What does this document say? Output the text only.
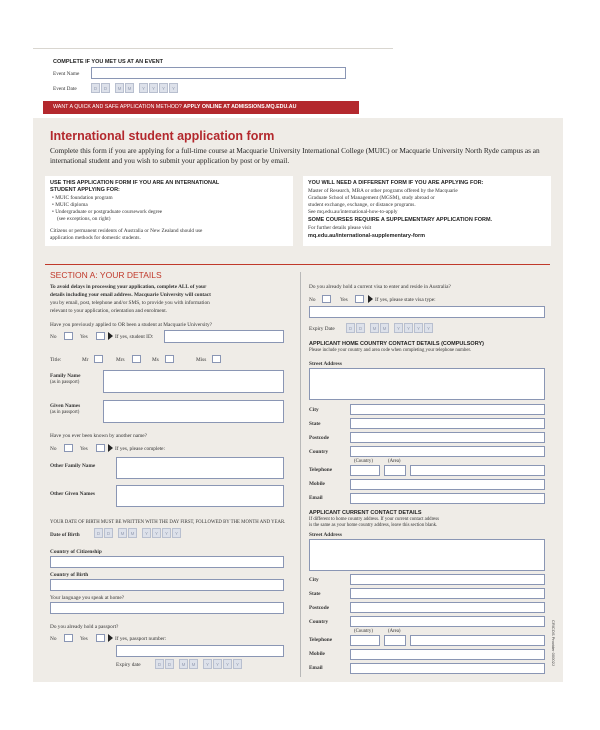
COMPLETE IF YOU MET US AT AN EVENT
Event Name
Event Date	D	D	M	M	Y	Y	Y	Y
WANT A QUICK AND SAFE APPLICATION METHOD? APPLY ONLINE AT ADMISSIONS.MQ.EDU.AU
International student application form
Complete this form if you are applying for a full-time course at Macquarie University International College (MUIC) or Macquarie University North Ryde campus as an international student and you wish to submit your application by post or by email.
USE THIS APPLICATION FORM IF YOU ARE AN INTERNATIONAL
STUDENT APPLYING FOR:
• MUIC foundation program
• MUIC diploma
• Undergraduate or postgraduate coursework degree
(see exceptions, on right)
Citizens or permanent residents of Australia or New Zealand should use
application methods for domestic students.
YOU WILL NEED A DIFFERENT FORM IF YOU ARE APPLYING FOR:
Master of Research, MBA or other programs offered by the Macquarie
Graduate School of Management (MGSM), study abroad or
student exchange, exchange, or distance programs.
See mq.edu.au/international-how-to-apply
SOME COURSES REQUIRE A SUPPLEMENTARY APPLICATION FORM.
For further details please visit
mq.edu.au/international-supplementary-form
SECTION A: YOUR DETAILS
To avoid delays in processing your application, complete ALL of your
details including your email address. Macquarie University will contact
you by email, post, telephone and/or SMS, to provide you with information
relevant to your application, orientation and enrolment.
Have you previously applied to OR been a student at Macquarie University?
No	Yes	If yes, student ID:
Title:	Mr	Mrs	Ms	Miss
Family Name
(as in passport)
Given Names
(as in passport)
Have you ever been known by another name?
No	Yes	If yes, please complete:
Other Family Name
Other Given Names
YOUR DATE OF BIRTH MUST BE WRITTEN WITH THE DAY FIRST, FOLLOWED BY THE MONTH AND YEAR.
Date of Birth	D	D	M	M	Y	Y	Y	Y
Country of Citizenship
Country of Birth
Your language you speak at home?
Do you already hold a passport?
No	Yes	If yes, passport number:
Expiry date	D	D	M	M	Y	Y	Y	Y
Do you already hold a current visa to enter and reside in Australia?
No	Yes	If yes, please state visa type:
Expiry Date	D	D	M	M	Y	Y	Y	Y
APPLICANT HOME COUNTRY CONTACT DETAILS (COMPULSORY)
Please include your country and area code when completing your telephone number.
Street Address
City
State
Postcode
Country
(Country)	(Area)
Telephone
Mobile
Email
APPLICANT CURRENT CONTACT DETAILS
If different to home country address. If your current contact address
is the same as your home country address, leave this section blank.
Street Address
City
State
Postcode
Country
(Country)	(Area)
Telephone
Mobile
Email
CRICOS Provider 00002J
